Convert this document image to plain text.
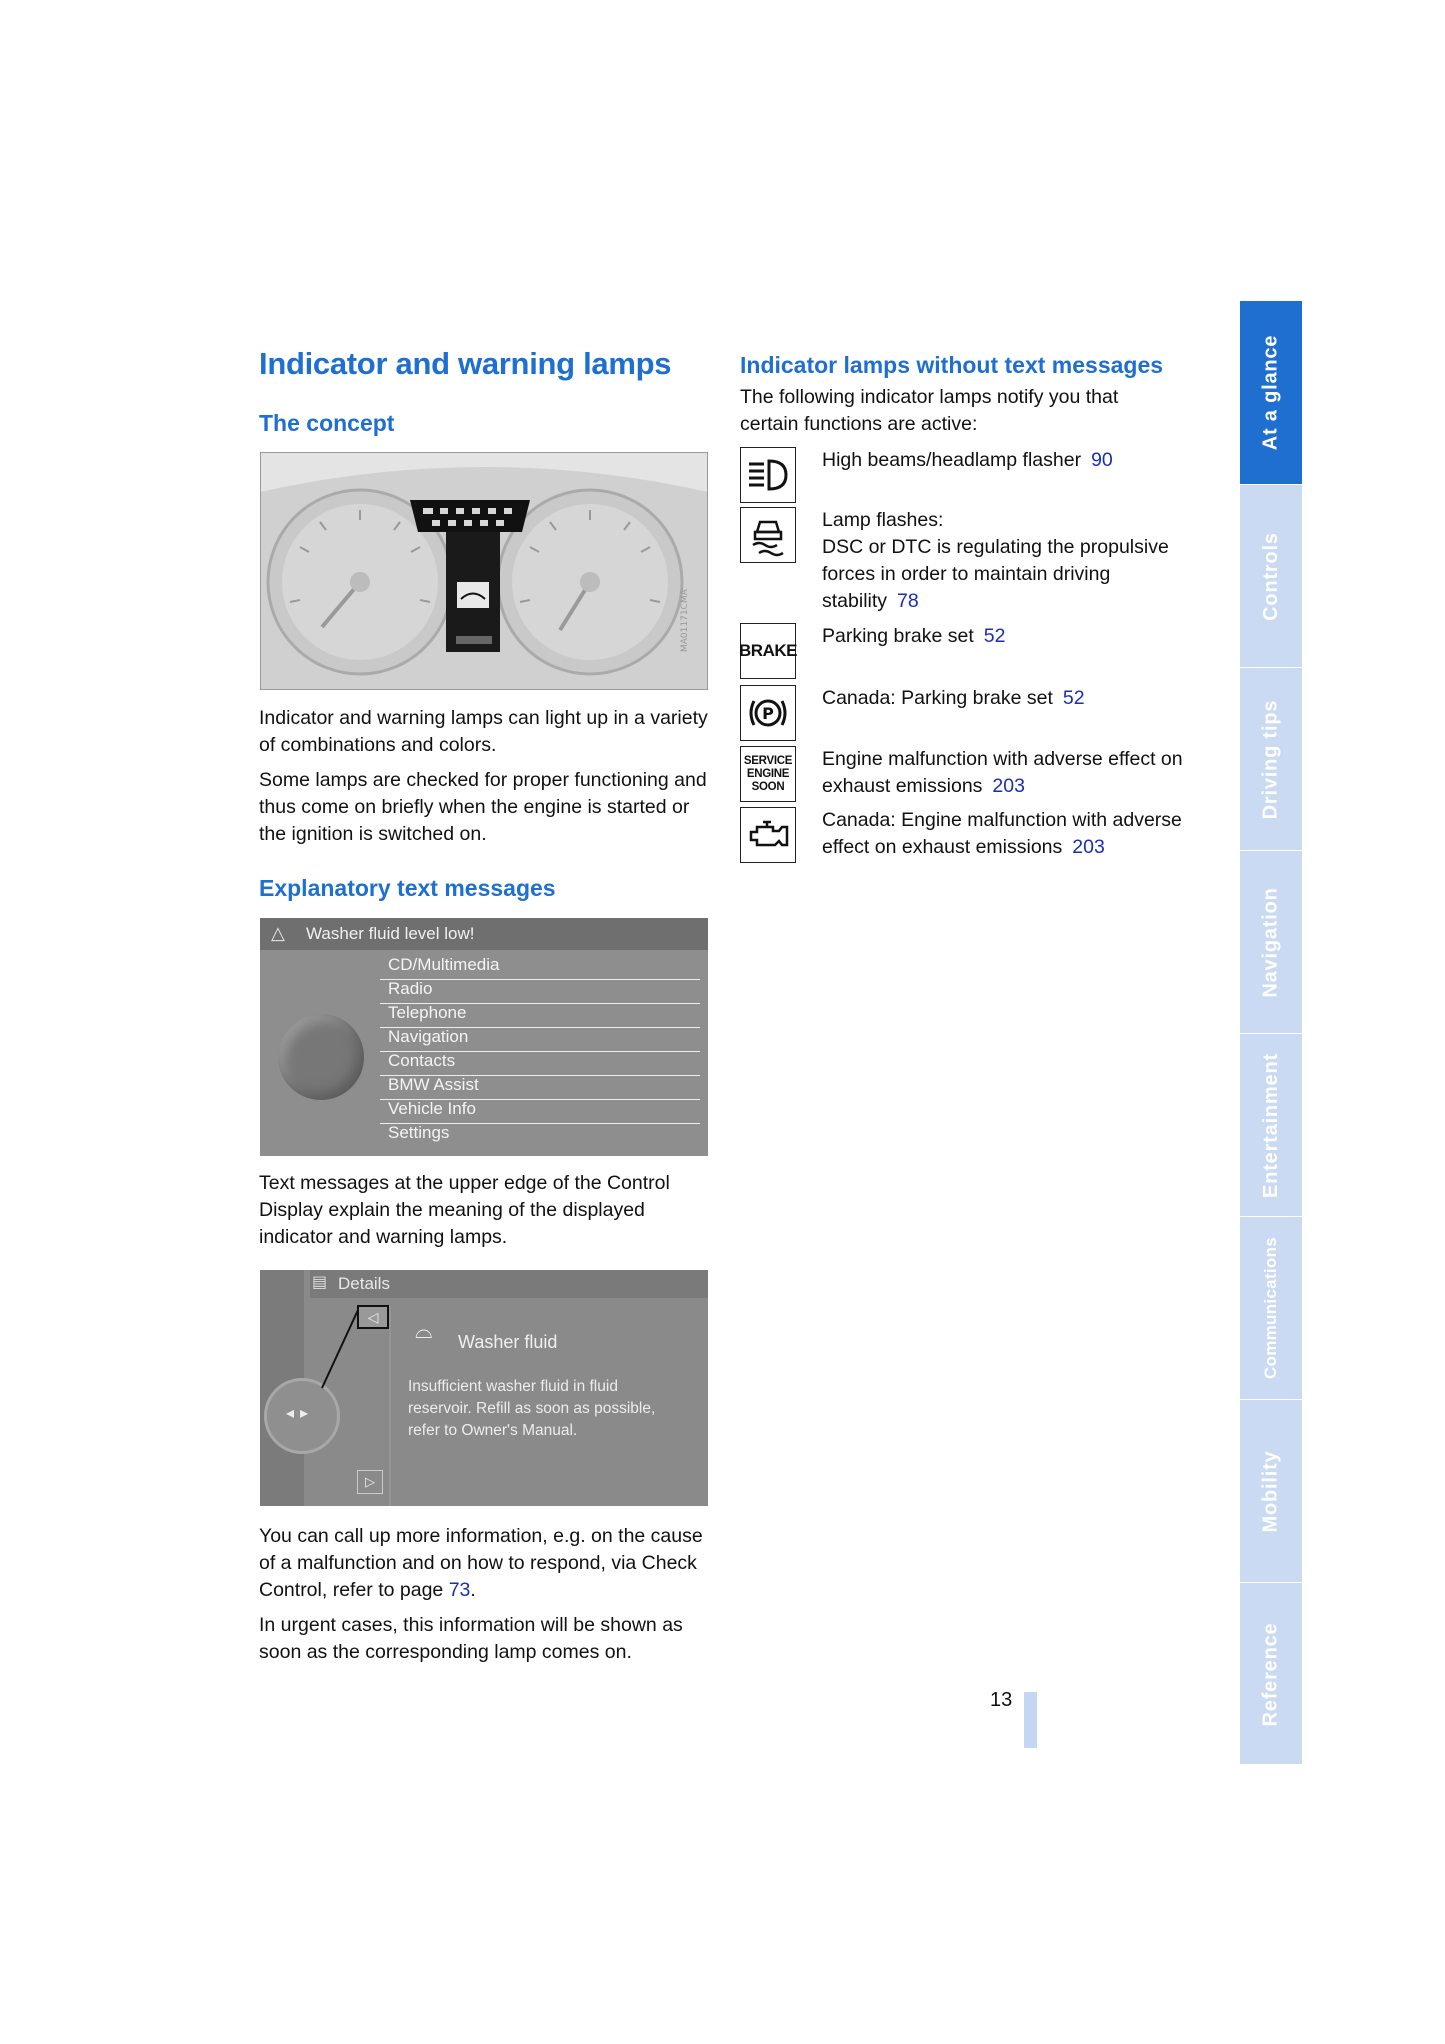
Indicator and warning lamps
The concept
MA01171CMA

Indicator and warning lamps can light up in a variety of combinations and colors.

Some lamps are checked for proper functioning and thus come on briefly when the engine is started or the ignition is switched on.

Explanatory text messages
△ Washer fluid level low!
CD/Multimedia
Radio
Telephone
Navigation
Contacts
BMW Assist
Vehicle Info
Settings
Text messages at the upper edge of the Control Display explain the meaning of the displayed indicator and warning lamps.
▤ Details
◂▸
◁
▷
⌓ Washer fluid
Insufficient washer fluid in fluid reservoir. Refill as soon as possible, refer to Owner's Manual.

You can call up more information, e.g. on the cause of a malfunction and on how to respond, via Check Control, refer to page 73.

In urgent cases, this information will be shown as soon as the corresponding lamp comes on.

Indicator lamps without text messages
The following indicator lamps notify you that certain functions are active:
High beams/headlamp flasher 90
Lamp flashes:
DSC or DTC is regulating the propulsive forces in order to maintain driving stability 78
BRAKE
Parking brake set 52
P
Canada: Parking brake set 52
SERVICE
ENGINE
SOON
Engine malfunction with adverse effect on exhaust emissions 203
Canada: Engine malfunction with adverse effect on exhaust emissions 203
13
At a glance
Controls
Driving tips
Navigation
Entertainment
Communications
Mobility
Reference
